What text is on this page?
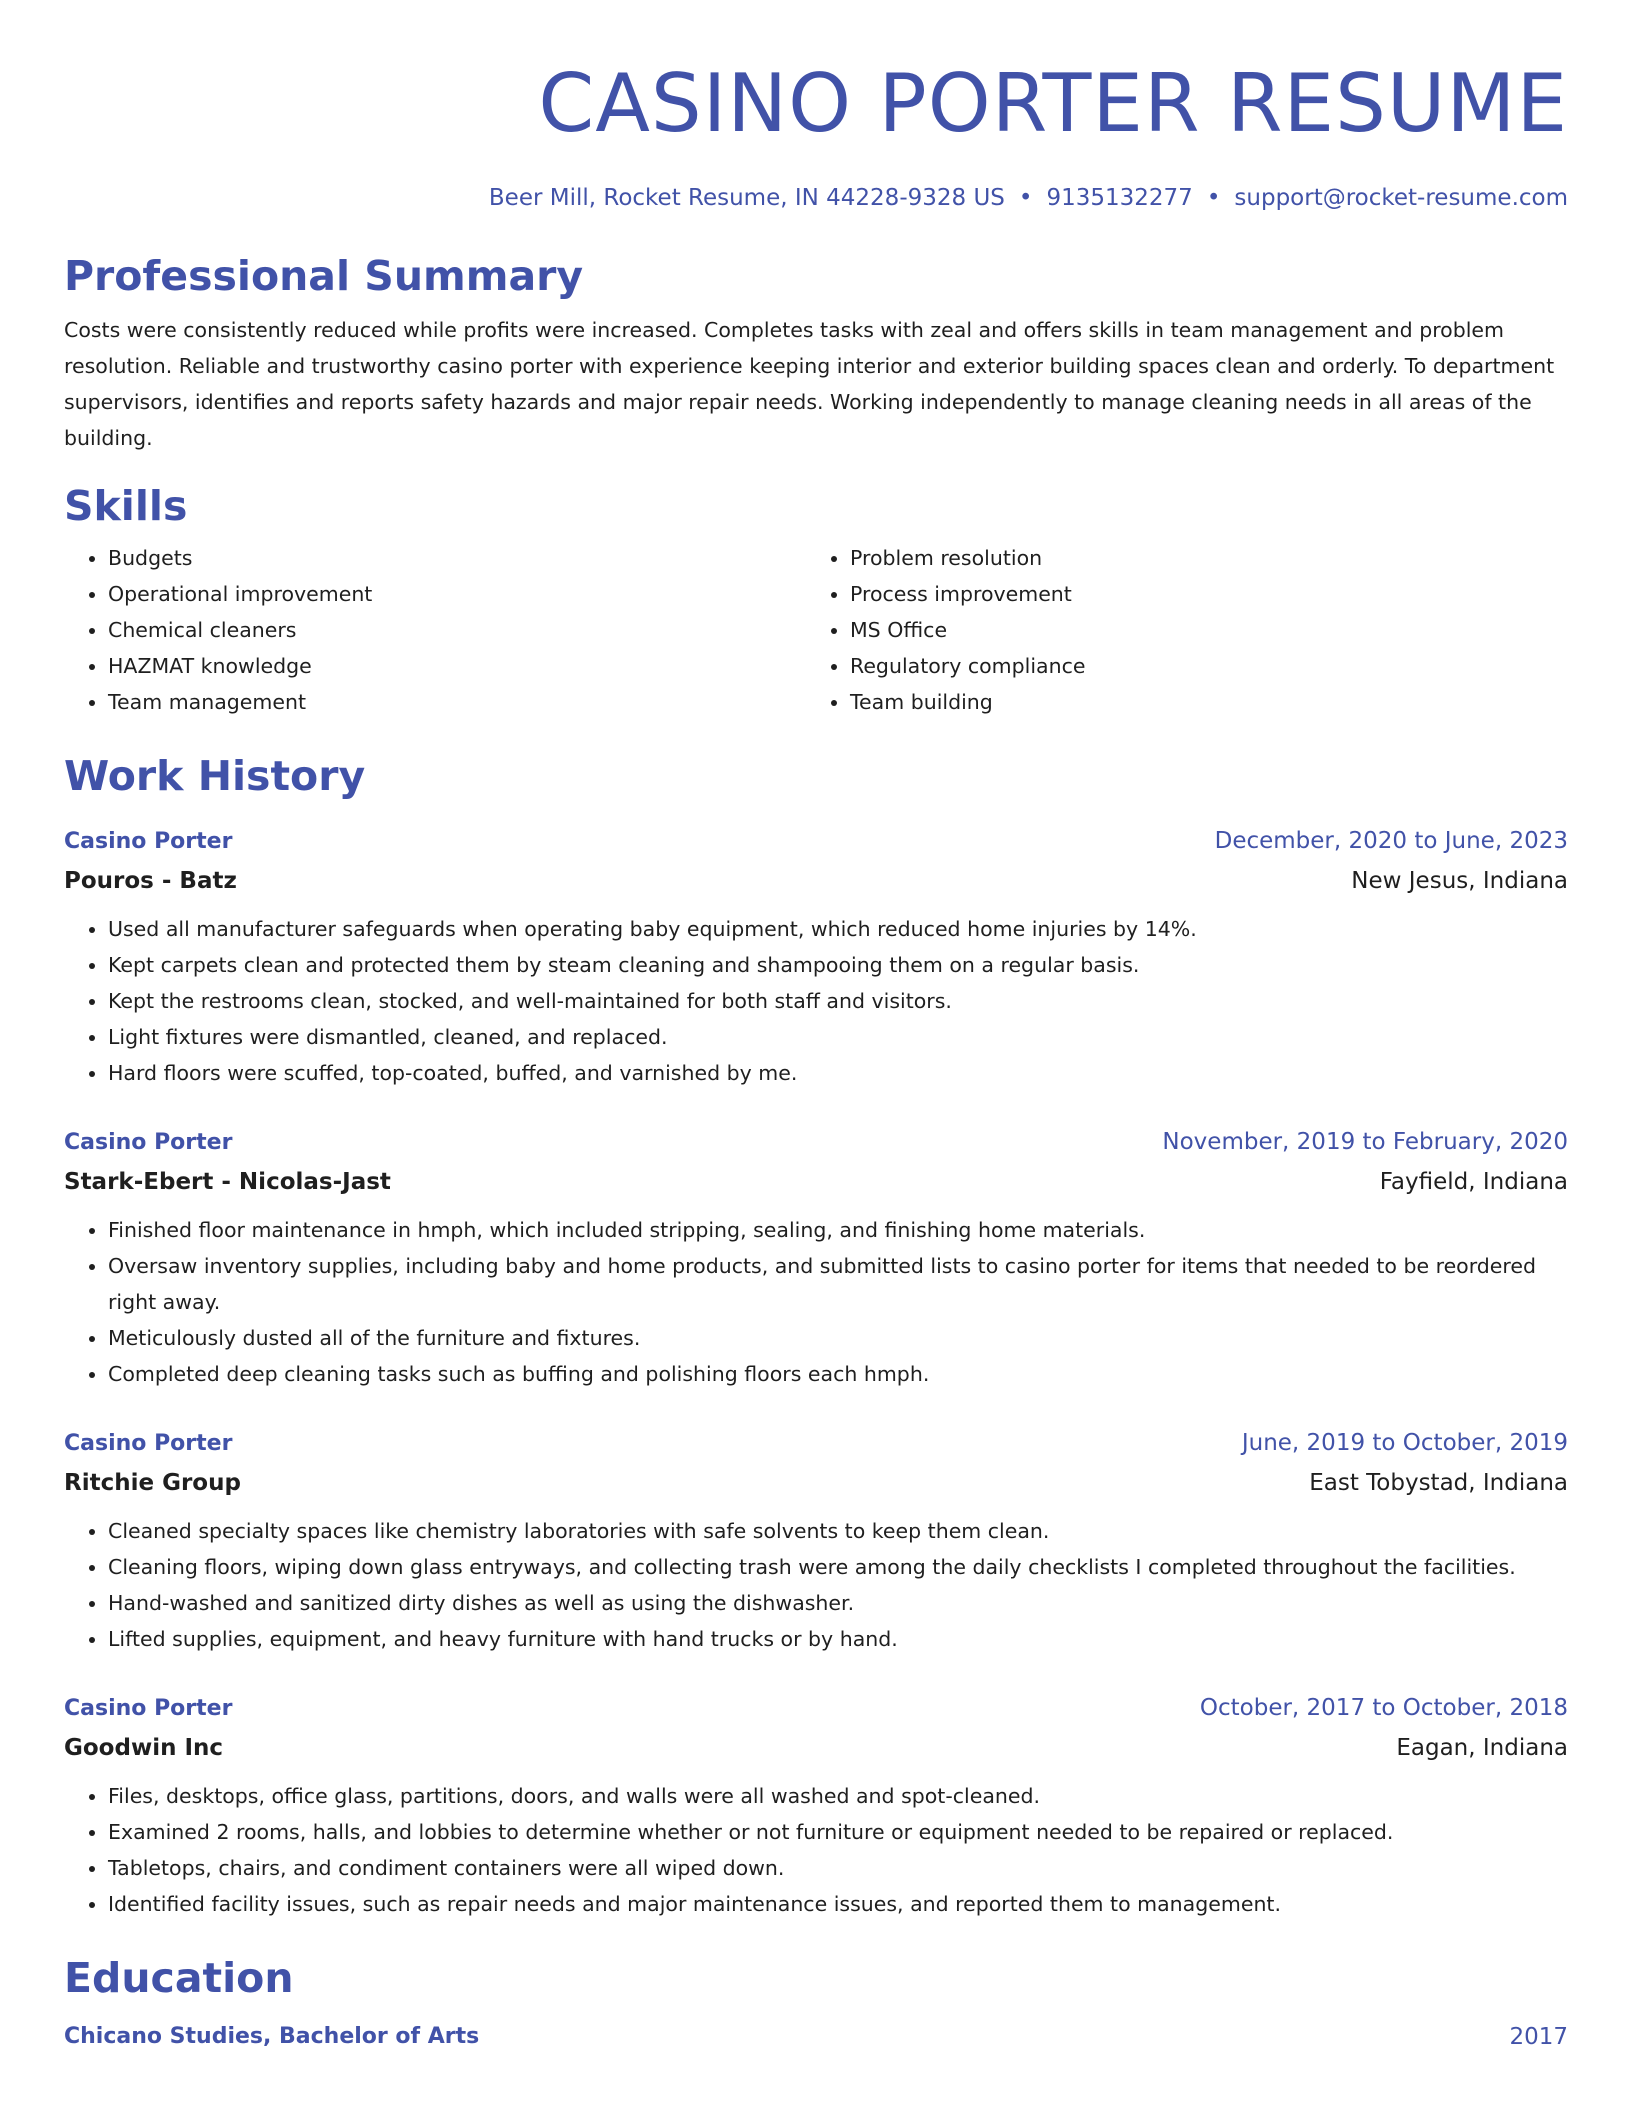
CASINO PORTER RESUME
Beer Mill, Rocket Resume, IN 44228-9328 US • 9135132277 • support@rocket-resume.com
Professional Summary
Costs were consistently reduced while profits were increased. Completes tasks with zeal and offers skills in team management and problem resolution. Reliable and trustworthy casino porter with experience keeping interior and exterior building spaces clean and orderly. To department supervisors, identifies and reports safety hazards and major repair needs. Working independently to manage cleaning needs in all areas of the building.
Skills
• Budgets
• Operational improvement
• Chemical cleaners
• HAZMAT knowledge
• Team management
• Problem resolution
• Process improvement
• MS Office
• Regulatory compliance
• Team building
Work History
Casino Porter	December, 2020 to June, 2023
Pouros - Batz	New Jesus, Indiana
• Used all manufacturer safeguards when operating baby equipment, which reduced home injuries by 14%.
• Kept carpets clean and protected them by steam cleaning and shampooing them on a regular basis.
• Kept the restrooms clean, stocked, and well-maintained for both staff and visitors.
• Light fixtures were dismantled, cleaned, and replaced.
• Hard floors were scuffed, top-coated, buffed, and varnished by me.
Casino Porter	November, 2019 to February, 2020
Stark-Ebert - Nicolas-Jast	Fayfield, Indiana
• Finished floor maintenance in hmph, which included stripping, sealing, and finishing home materials.
• Oversaw inventory supplies, including baby and home products, and submitted lists to casino porter for items that needed to be reordered right away.
• Meticulously dusted all of the furniture and fixtures.
• Completed deep cleaning tasks such as buffing and polishing floors each hmph.
Casino Porter	June, 2019 to October, 2019
Ritchie Group	East Tobystad, Indiana
• Cleaned specialty spaces like chemistry laboratories with safe solvents to keep them clean.
• Cleaning floors, wiping down glass entryways, and collecting trash were among the daily checklists I completed throughout the facilities.
• Hand-washed and sanitized dirty dishes as well as using the dishwasher.
• Lifted supplies, equipment, and heavy furniture with hand trucks or by hand.
Casino Porter	October, 2017 to October, 2018
Goodwin Inc	Eagan, Indiana
• Files, desktops, office glass, partitions, doors, and walls were all washed and spot-cleaned.
• Examined 2 rooms, halls, and lobbies to determine whether or not furniture or equipment needed to be repaired or replaced.
• Tabletops, chairs, and condiment containers were all wiped down.
• Identified facility issues, such as repair needs and major maintenance issues, and reported them to management.
Education
Chicano Studies, Bachelor of Arts	2017
